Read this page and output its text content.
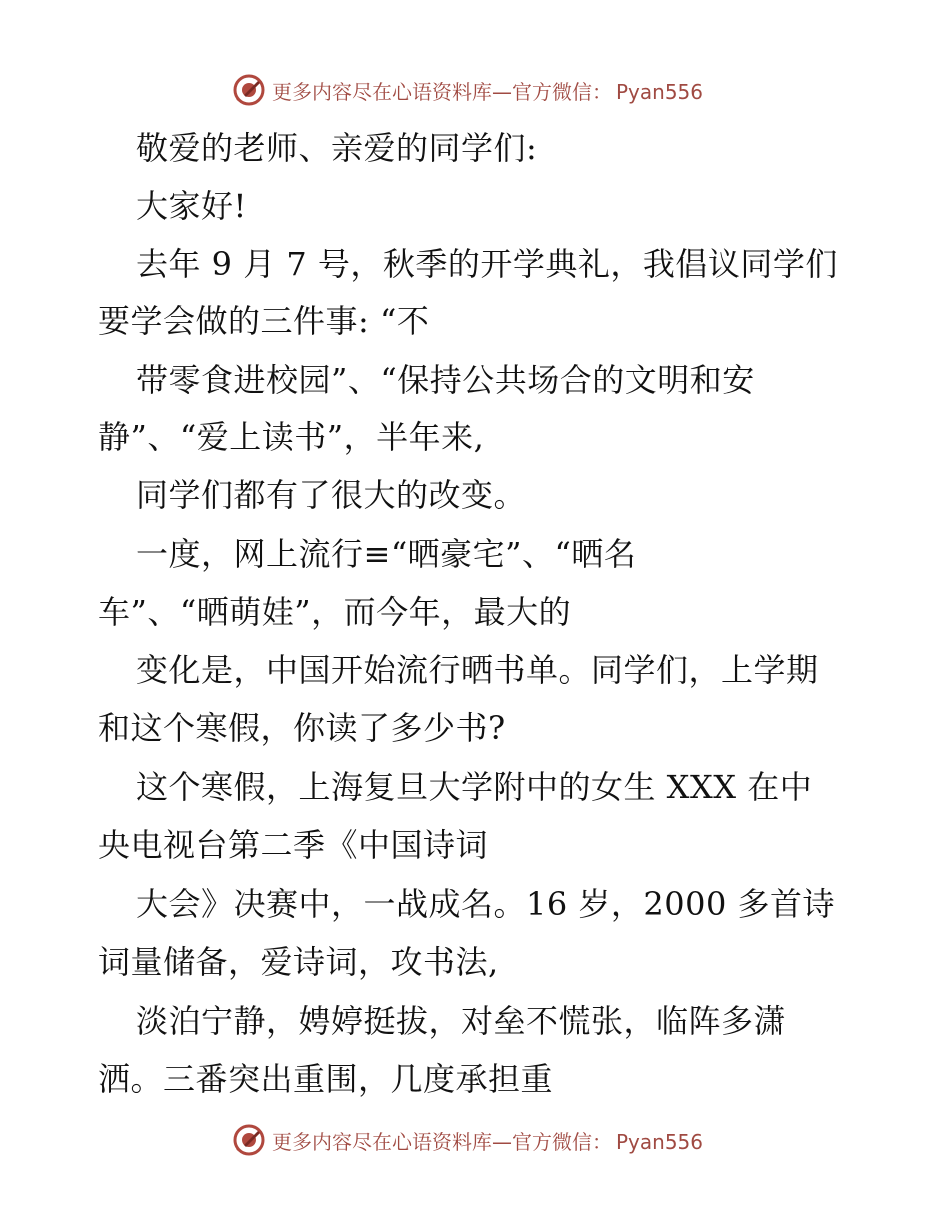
更多内容尽在心语资料库—官方微信： Pyan556
敬爱的老师、亲爱的同学们:
大家好!
去年 9 月 7 号，秋季的开学典礼，我倡议同学们
要学会做的三件事: “不
带零食进校园”、“保持公共场合的文明和安
静”、“爱上读书”，半年来,
同学们都有了很大的改变。
一度，网上流行≡“晒豪宅”、“晒名
车”、“晒萌娃”，而今年，最大的
变化是，中国开始流行晒书单。同学们，上学期
和这个寒假，你读了多少书?
这个寒假，上海复旦大学附中的女生 XXX 在中
央电视台第二季《中国诗词
大会》决赛中，一战成名。16 岁，2000 多首诗
词量储备，爱诗词，攻书法,
淡泊宁静，娉婷挺拔，对垒不慌张，临阵多潇
洒。三番突出重围，几度承担重
更多内容尽在心语资料库—官方微信： Pyan556
